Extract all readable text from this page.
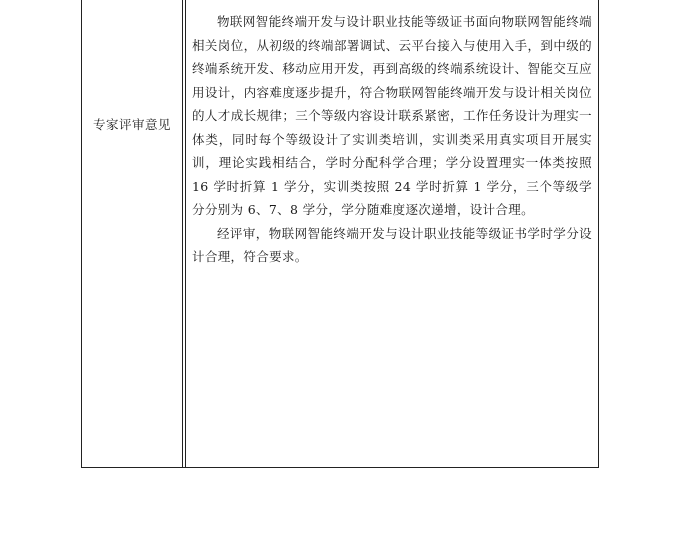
专家评审意见

物联网智能终端开发与设计职业技能等级证书面向物联网智能终端相关岗位，从初级的终端部署调试、云平台接入与使用入手，到中级的终端系统开发、移动应用开发，再到高级的终端系统设计、智能交互应用设计，内容难度逐步提升，符合物联网智能终端开发与设计相关岗位的人才成长规律；三个等级内容设计联系紧密，工作任务设计为理实一体类，同时每个等级设计了实训类培训，实训类采用真实项目开展实训，理论实践相结合，学时分配科学合理；学分设置理实一体类按照 16 学时折算 1 学分，实训类按照 24 学时折算 1 学分，三个等级学分分别为 6、7、8 学分，学分随难度逐次递增，设计合理。

经评审，物联网智能终端开发与设计职业技能等级证书学时学分设计合理，符合要求。
